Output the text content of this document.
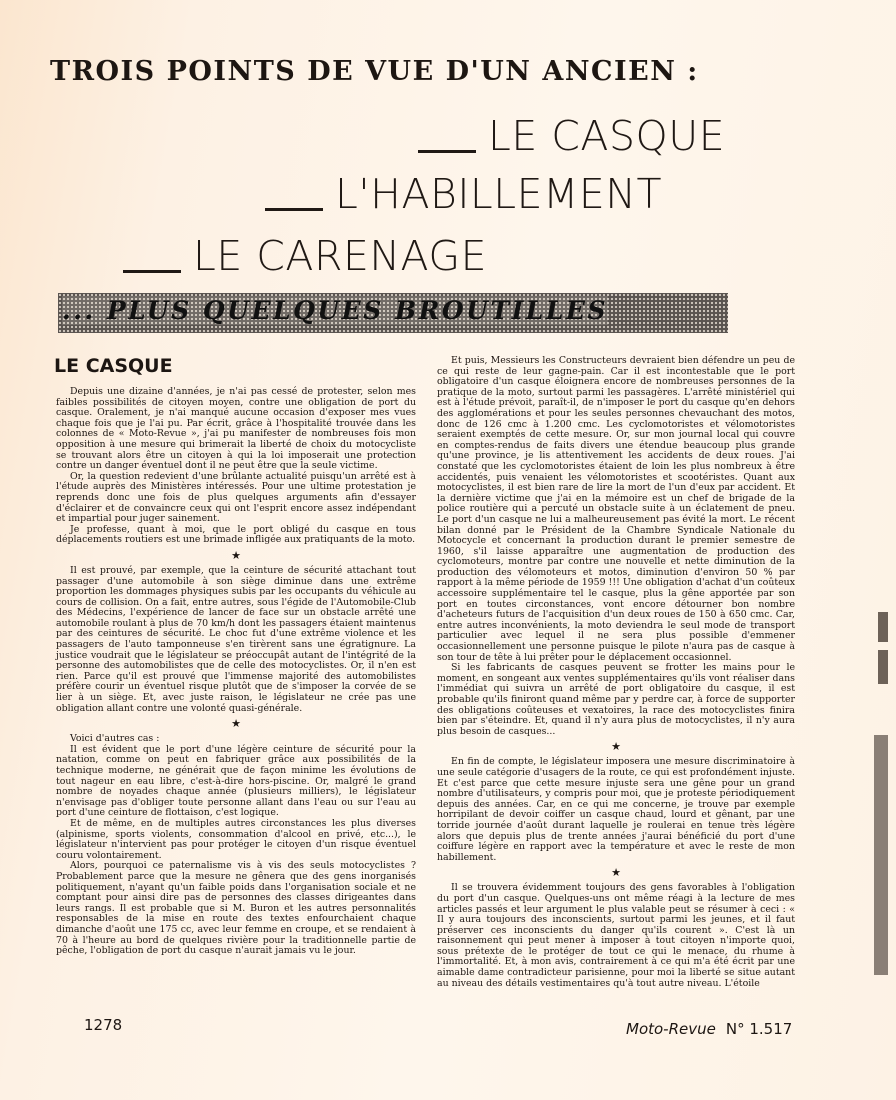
TROIS POINTS DE VUE D'UN ANCIEN :
LE CASQUE
L'HABILLEMENT
LE CARENAGE
... PLUS QUELQUES BROUTILLES
LE CASQUE

Depuis une dizaine d'années, je n'ai pas cessé de protester, selon mes faibles possibilités de citoyen moyen, contre une obligation de port du casque. Oralement, je n'ai manqué aucune occasion d'exposer mes vues chaque fois que je l'ai pu. Par écrit, grâce à l'hospitalité trouvée dans les colonnes de « Moto-Revue », j'ai pu manifester de nombreuses fois mon opposition à une mesure qui brimerait la liberté de choix du motocycliste se trouvant alors être un citoyen à qui la loi imposerait une protection contre un danger éventuel dont il ne peut être que la seule victime.

Or, la question redevient d'une brûlante actualité puisqu'un arrêté est à l'étude auprès des Ministères intéressés. Pour une ultime protestation je reprends donc une fois de plus quelques arguments afin d'essayer d'éclairer et de convaincre ceux qui ont l'esprit encore assez indépendant et impartial pour juger sainement.

Je professe, quant à moi, que le port obligé du casque en tous déplacements routiers est une brimade infligée aux pratiquants de la moto.

★

Il est prouvé, par exemple, que la ceinture de sécurité attachant tout passager d'une automobile à son siège diminue dans une extrême proportion les dommages physiques subis par les occupants du véhicule au cours de collision. On a fait, entre autres, sous l'égide de l'Automobile-Club des Médecins, l'expérience de lancer de face sur un obstacle arrêté une automobile roulant à plus de 70 km/h dont les passagers étaient maintenus par des ceintures de sécurité. Le choc fut d'une extrême violence et les passagers de l'auto tamponneuse s'en tirèrent sans une égratignure. La justice voudrait que le législateur se préoccupât autant de l'intégrité de la personne des automobilistes que de celle des motocyclistes. Or, il n'en est rien. Parce qu'il est prouvé que l'immense majorité des automobilistes préfère courir un éventuel risque plutôt que de s'imposer la corvée de se lier à un siège. Et, avec juste raison, le législateur ne crée pas une obligation allant contre une volonté quasi-générale.

★

Voici d'autres cas :

Il est évident que le port d'une légère ceinture de sécurité pour la natation, comme on peut en fabriquer grâce aux possibilités de la technique moderne, ne générait que de façon minime les évolutions de tout nageur en eau libre, c'est-à-dire hors-piscine. Or, malgré le grand nombre de noyades chaque année (plusieurs milliers), le législateur n'envisage pas d'obliger toute personne allant dans l'eau ou sur l'eau au port d'une ceinture de flottaison, c'est logique.

Et de même, en de multiples autres circonstances les plus diverses (alpinisme, sports violents, consommation d'alcool en privé, etc...), le législateur n'intervient pas pour protéger le citoyen d'un risque éventuel couru volontairement.

Alors, pourquoi ce paternalisme vis à vis des seuls motocyclistes ? Probablement parce que la mesure ne gênera que des gens inorganisés politiquement, n'ayant qu'un faible poids dans l'organisation sociale et ne comptant pour ainsi dire pas de personnes des classes dirigeantes dans leurs rangs. Il est probable que si M. Buron et les autres personnalités responsables de la mise en route des textes enfourchaient chaque dimanche d'août une 175 cc, avec leur femme en croupe, et se rendaient à 70 à l'heure au bord de quelques rivière pour la traditionnelle partie de pêche, l'obligation de port du casque n'aurait jamais vu le jour.

Et puis, Messieurs les Constructeurs devraient bien défendre un peu de ce qui reste de leur gagne-pain. Car il est incontestable que le port obligatoire d'un casque éloignera encore de nombreuses personnes de la pratique de la moto, surtout parmi les passagères. L'arrêté ministériel qui est à l'étude prévoit, paraît-il, de n'imposer le port du casque qu'en dehors des agglomérations et pour les seules personnes chevauchant des motos, donc de 126 cmc à 1.200 cmc. Les cyclomotoristes et vélomotoristes seraient exemptés de cette mesure. Or, sur mon journal local qui couvre en comptes-rendus de faits divers une étendue beaucoup plus grande qu'une province, je lis attentivement les accidents de deux roues. J'ai constaté que les cyclomotoristes étaient de loin les plus nombreux à être accidentés, puis venaient les vélomotoristes et scootéristes. Quant aux motocyclistes, il est bien rare de lire la mort de l'un d'eux par accident. Et la dernière victime que j'ai en la mémoire est un chef de brigade de la police routière qui a percuté un obstacle suite à un éclatement de pneu. Le port d'un casque ne lui a malheureusement pas évité la mort. Le récent bilan donné par le Président de la Chambre Syndicale Nationale du Motocycle et concernant la production durant le premier semestre de 1960, s'il laisse apparaître une augmentation de production des cyclomoteurs, montre par contre une nouvelle et nette diminution de la production des vélomoteurs et motos, diminution d'environ 50 % par rapport à la même période de 1959 !!! Une obligation d'achat d'un coûteux accessoire supplémentaire tel le casque, plus la gêne apportée par son port en toutes circonstances, vont encore détourner bon nombre d'acheteurs futurs de l'acquisition d'un deux roues de 150 à 650 cmc. Car, entre autres inconvénients, la moto deviendra le seul mode de transport particulier avec lequel il ne sera plus possible d'emmener occasionnellement une personne puisque le pilote n'aura pas de casque à son tour de tête à lui prêter pour le déplacement occasionnel.

Si les fabricants de casques peuvent se frotter les mains pour le moment, en songeant aux ventes supplémentaires qu'ils vont réaliser dans l'immédiat qui suivra un arrêté de port obligatoire du casque, il est probable qu'ils finiront quand même par y perdre car, à force de supporter des obligations coûteuses et vexatoires, la race des motocyclistes finira bien par s'éteindre. Et, quand il n'y aura plus de motocyclistes, il n'y aura plus besoin de casques...

★

En fin de compte, le législateur imposera une mesure discriminatoire à une seule catégorie d'usagers de la route, ce qui est profondément injuste. Et c'est parce que cette mesure injuste sera une gêne pour un grand nombre d'utilisateurs, y compris pour moi, que je proteste périodiquement depuis des années. Car, en ce qui me concerne, je trouve par exemple horripilant de devoir coiffer un casque chaud, lourd et gênant, par une torride journée d'août durant laquelle je roulerai en tenue très légère alors que depuis plus de trente années j'aurai bénéficié du port d'une coiffure légère en rapport avec la température et avec le reste de mon habillement.

★

Il se trouvera évidemment toujours des gens favorables à l'obligation du port d'un casque. Quelques-uns ont même réagi à la lecture de mes articles passés et leur argument le plus valable peut se résumer à ceci : « Il y aura toujours des inconscients, surtout parmi les jeunes, et il faut préserver ces inconscients du danger qu'ils courent ». C'est là un raisonnement qui peut mener à imposer à tout citoyen n'importe quoi, sous prétexte de le protéger de tout ce qui le menace, du rhume à l'immortalité. Et, à mon avis, contrairement à ce qui m'a été écrit par une aimable dame contradicteur parisienne, pour moi la liberté se situe autant au niveau des détails vestimentaires qu'à tout autre niveau. L'étoile

1278	Moto-Revue N° 1.517
